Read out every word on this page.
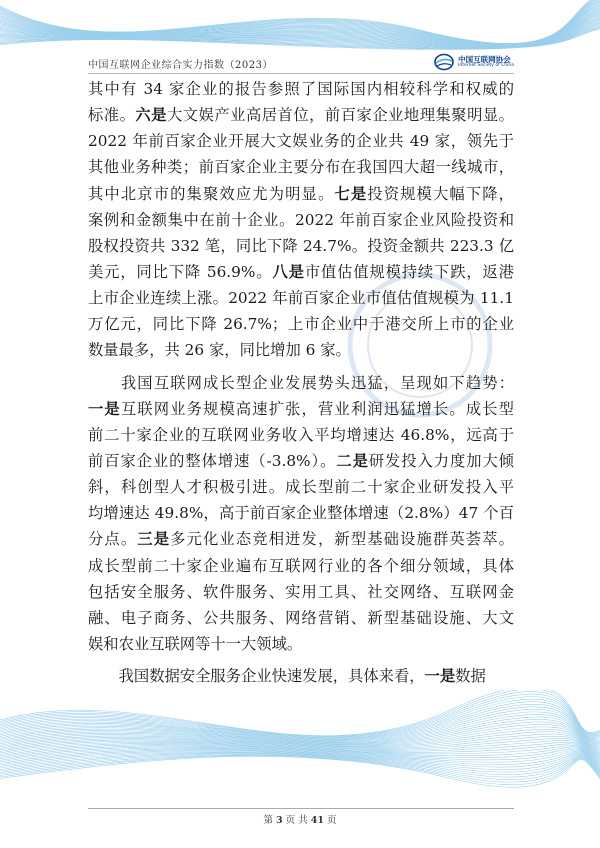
中国互联网企业综合实力指数（2023）
中国互联网协会
Internet Society of China
其中有 34 家企业的报告参照了国际国内相较科学和权威的
标准。六是大文娱产业高居首位，前百家企业地理集聚明显。
2022 年前百家企业开展大文娱业务的企业共 49 家，领先于
其他业务种类；前百家企业主要分布在我国四大超一线城市，
其中北京市的集聚效应尤为明显。七是投资规模大幅下降，
案例和金额集中在前十企业。2022 年前百家企业风险投资和
股权投资共 332 笔，同比下降 24.7%。投资金额共 223.3 亿
美元，同比下降 56.9%。八是市值估值规模持续下跌，返港
上市企业连续上涨。2022 年前百家企业市值估值规模为 11.1
万亿元，同比下降 26.7%；上市企业中于港交所上市的企业
数量最多，共 26 家，同比增加 6 家。
　　我国互联网成长型企业发展势头迅猛，呈现如下趋势：
一是互联网业务规模高速扩张，营业利润迅猛增长。成长型
前二十家企业的互联网业务收入平均增速达 46.8%，远高于
前百家企业的整体增速（-3.8%）。二是研发投入力度加大倾
斜，科创型人才积极引进。成长型前二十家企业研发投入平
均增速达 49.8%，高于前百家企业整体增速（2.8%）47 个百
分点。三是多元化业态竞相迸发，新型基础设施群英荟萃。
成长型前二十家企业遍布互联网行业的各个细分领域，具体
包括安全服务、软件服务、实用工具、社交网络、互联网金
融、电子商务、公共服务、网络营销、新型基础设施、大文
娱和农业互联网等十一大领域。
　　我国数据安全服务企业快速发展，具体来看，一是数据
第 3 页 共 41 页
